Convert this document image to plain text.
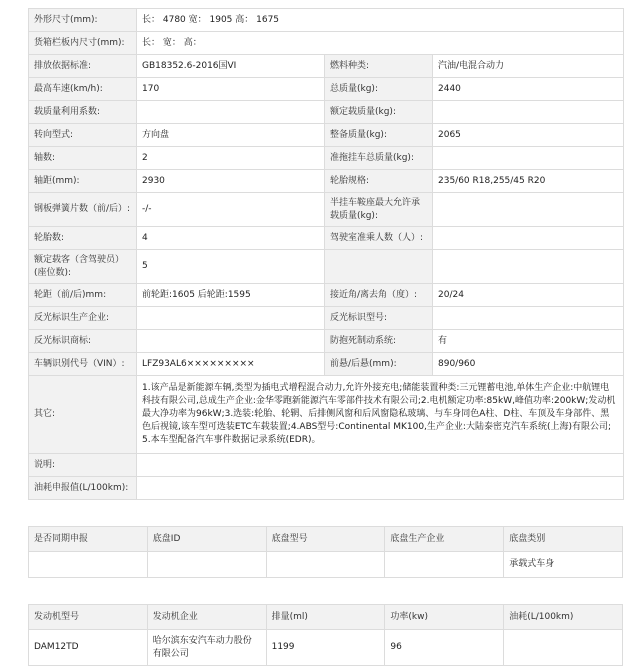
外形尺寸(mm):	长： 4780 宽： 1905 高： 1675		
货箱栏板内尺寸(mm):	长： 宽： 高：		
排放依据标准:	GB18352.6-2016国VI	燃料种类:	汽油/电混合动力
最高车速(km/h):	170	总质量(kg):	2440
载质量利用系数:		额定载质量(kg):	
转向型式:	方向盘	整备质量(kg):	2065
轴数:	2	准拖挂车总质量(kg):	
轴距(mm):	2930	轮胎规格:	235/60 R18,255/45 R20
钢板弹簧片数（前/后）:	-/-	半挂车鞍座最大允许承载质量(kg):	
轮胎数:	4	驾驶室准乘人数（人）:	
额定载客（含驾驶员）(座位数):	5		
轮距（前/后)mm:	前轮距:1605 后轮距:1595	接近角/离去角（度）:	20/24
反光标识生产企业:		反光标识型号:	
反光标识商标:		防抱死制动系统:	有
车辆识别代号（VIN）:	LFZ93AL6×××××××××	前悬/后悬(mm):	890/960
其它:	1.该产品是新能源车辆,类型为插电式增程混合动力,允许外接充电;储能装置种类:三元锂蓄电池,单体生产企业:中航锂电科技有限公司,总成生产企业:金华零跑新能源汽车零部件技术有限公司;2.电机额定功率:85kW,峰值功率:200kW;发动机最大净功率为96kW;3.选装:轮胎、轮辋、后排侧风窗和后风窗隐私玻璃、与车身同色A柱、D柱、车顶及车身部件、黑色后视镜,该车型可选装ETC车载装置;4.ABS型号:Continental MK100,生产企业:大陆泰密克汽车系统(上海)有限公司;5.本车型配备汽车事件数据记录系统(EDR)。		
说明:			
油耗申报值(L/100km):			
是否同期申报	底盘ID	底盘型号	底盘生产企业	底盘类别
				承载式车身
发动机型号	发动机企业	排量(ml)	功率(kw)	油耗(L/100km)
DAM12TD	哈尔滨东安汽车动力股份有限公司	1199	96	
